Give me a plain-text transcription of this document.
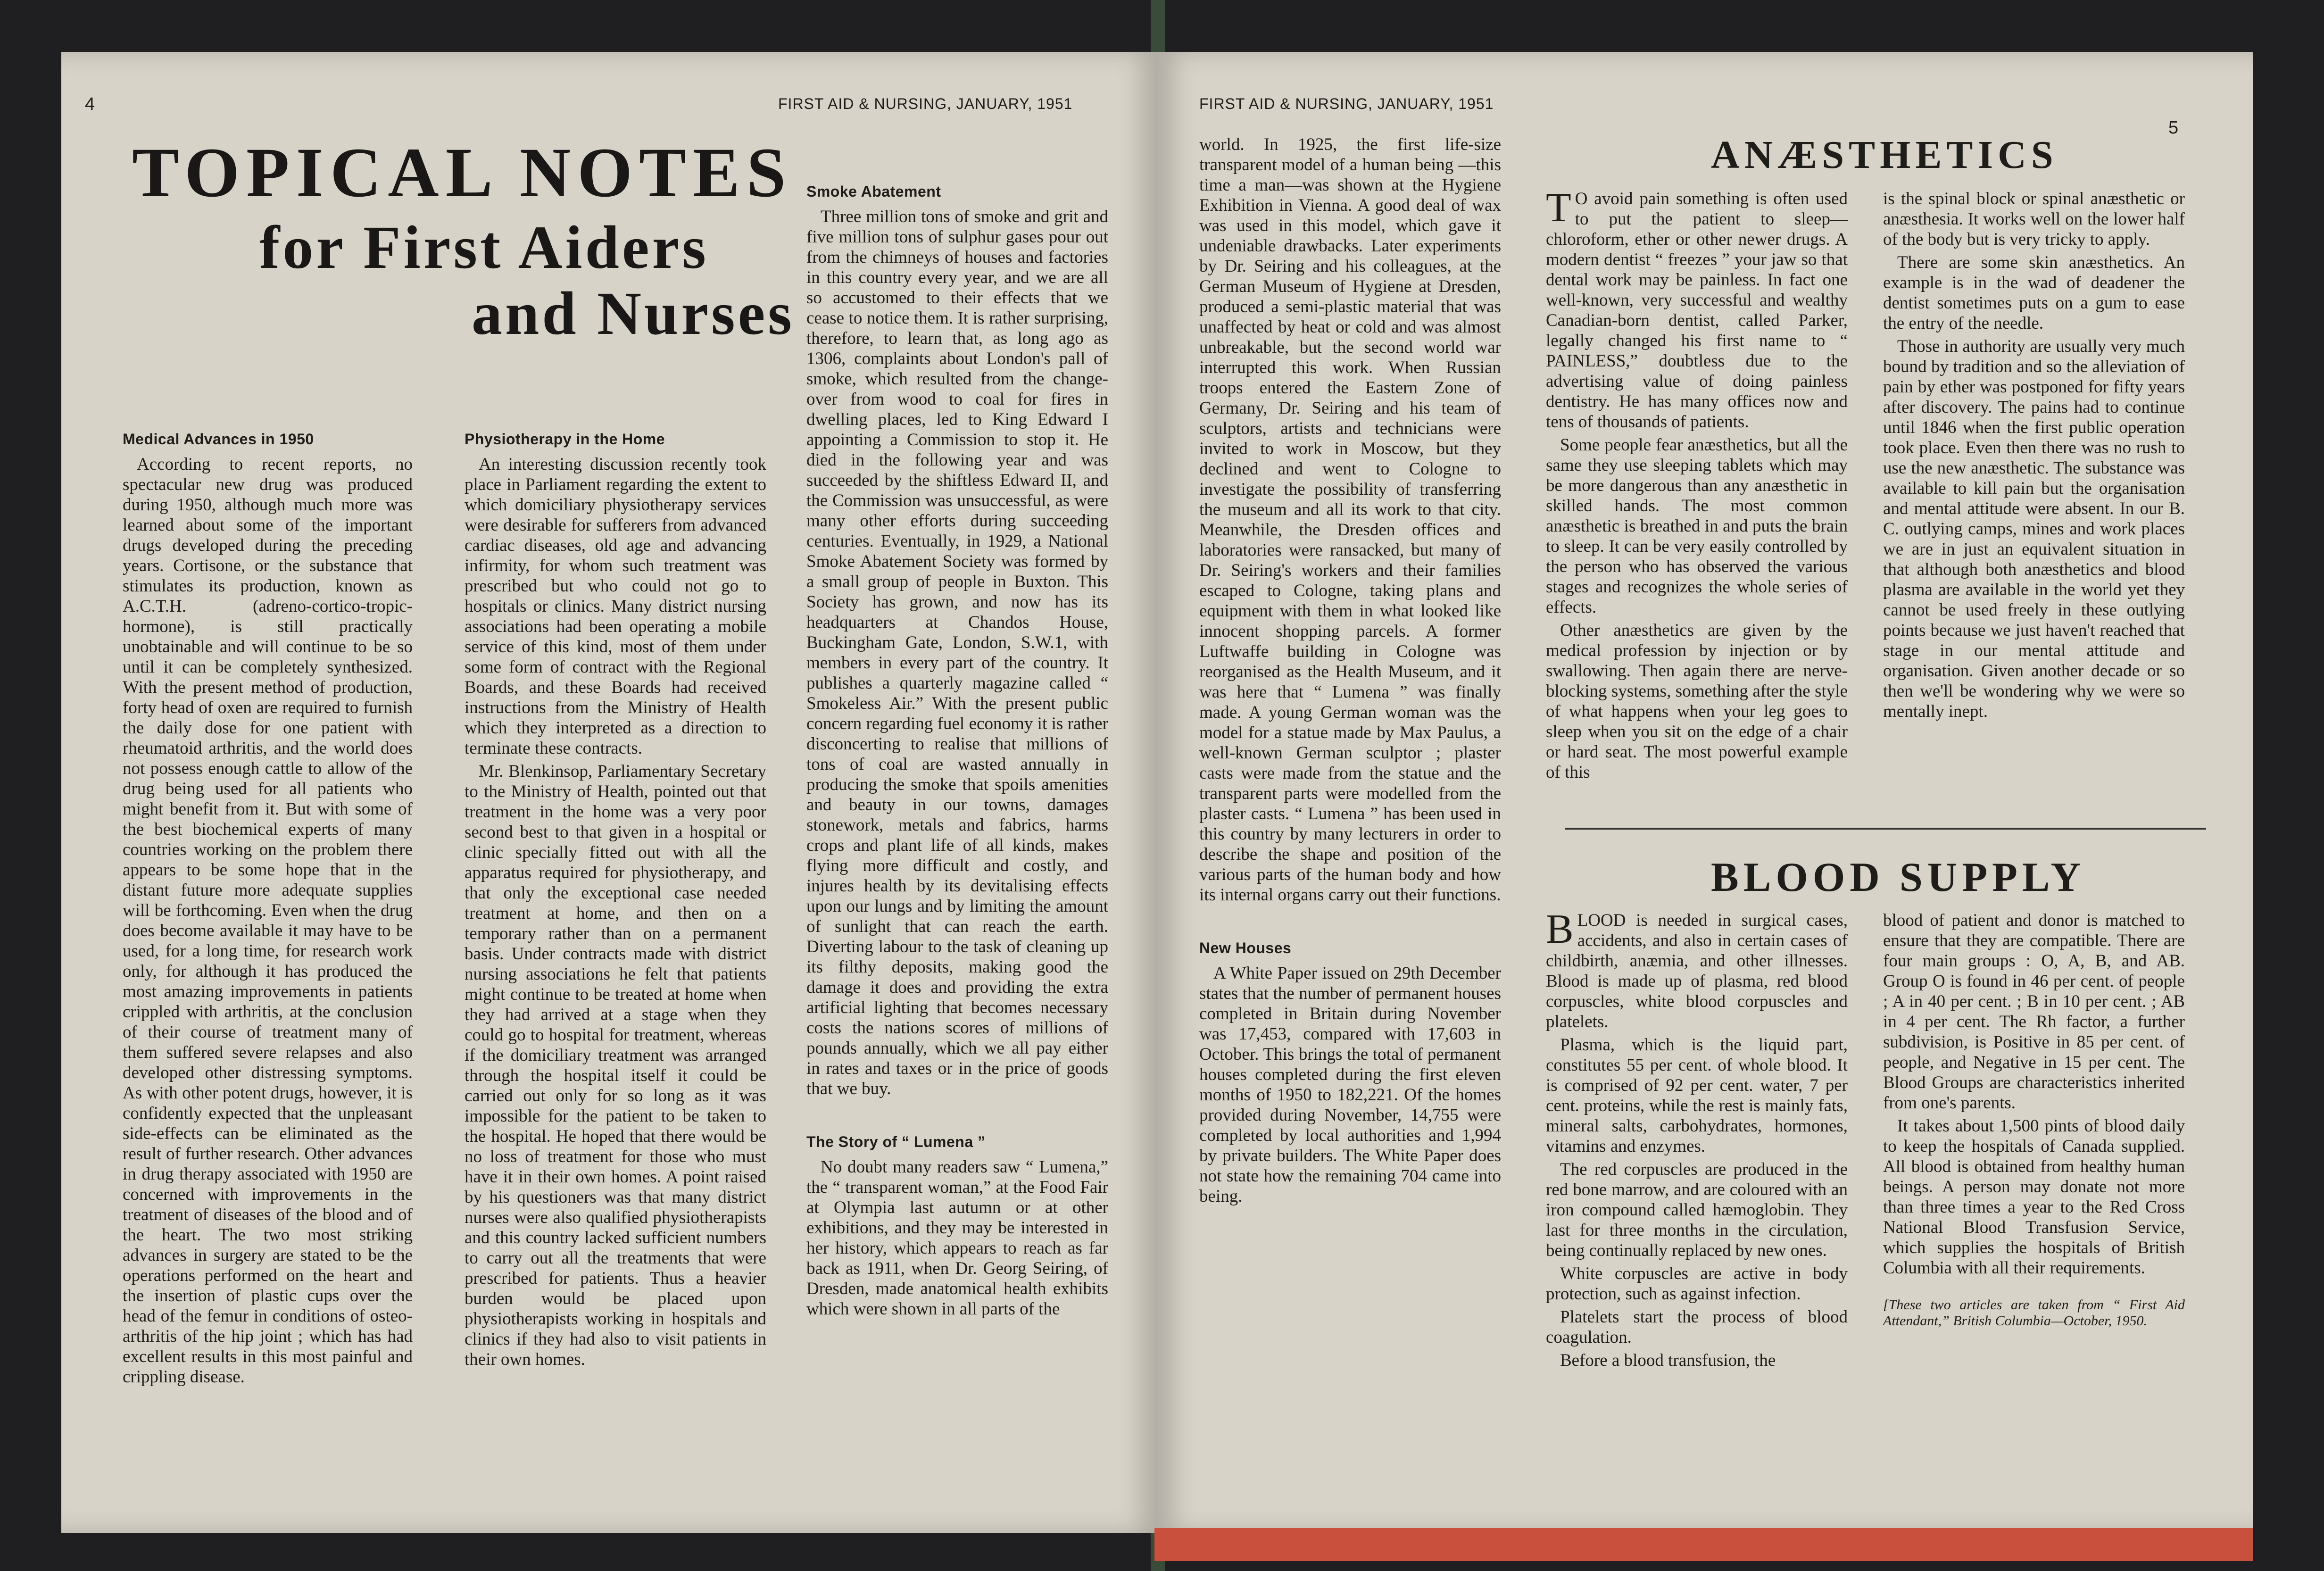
4	FIRST AID & NURSING, JANUARY, 1951
TOPICAL NOTES
for First Aiders
and Nurses
Medical Advances in 1950

According to recent reports, no spectacular new drug was produced during 1950, although much more was learned about some of the important drugs developed during the preceding years. Cortisone, or the substance that stimulates its production, known as A.C.T.H. (adreno-cortico-tropic-hormone), is still practically unobtainable and will continue to be so until it can be completely synthesized. With the present method of production, forty head of oxen are required to furnish the daily dose for one patient with rheumatoid arthritis, and the world does not possess enough cattle to allow of the drug being used for all patients who might benefit from it. But with some of the best biochemical experts of many countries working on the problem there appears to be some hope that in the distant future more adequate supplies will be forthcoming. Even when the drug does become available it may have to be used, for a long time, for research work only, for although it has produced the most amazing improvements in patients crippled with arthritis, at the conclusion of their course of treatment many of them suffered severe relapses and also developed other distressing symptoms. As with other potent drugs, however, it is confidently expected that the unpleasant side-effects can be eliminated as the result of further research. Other advances in drug therapy associated with 1950 are concerned with improvements in the treatment of diseases of the blood and of the heart. The two most striking advances in surgery are stated to be the operations performed on the heart and the insertion of plastic cups over the head of the femur in conditions of osteo-arthritis of the hip joint ; which has had excellent results in this most painful and crippling disease.

Physiotherapy in the Home

An interesting discussion recently took place in Parliament regarding the extent to which domiciliary physiotherapy services were desirable for sufferers from advanced cardiac diseases, old age and advancing infirmity, for whom such treatment was prescribed but who could not go to hospitals or clinics. Many district nursing associations had been operating a mobile service of this kind, most of them under some form of contract with the Regional Boards, and these Boards had received instructions from the Ministry of Health which they interpreted as a direction to terminate these contracts.

Mr. Blenkinsop, Parliamentary Secretary to the Ministry of Health, pointed out that treatment in the home was a very poor second best to that given in a hospital or clinic specially fitted out with all the apparatus required for physiotherapy, and that only the exceptional case needed treatment at home, and then on a temporary rather than on a permanent basis. Under contracts made with district nursing associations he felt that patients might continue to be treated at home when they had arrived at a stage when they could go to hospital for treatment, whereas if the domiciliary treatment was arranged through the hospital itself it could be carried out only for so long as it was impossible for the patient to be taken to the hospital. He hoped that there would be no loss of treatment for those who must have it in their own homes. A point raised by his questioners was that many district nurses were also qualified physiotherapists and this country lacked sufficient numbers to carry out all the treatments that were prescribed for patients. Thus a heavier burden would be placed upon physiotherapists working in hospitals and clinics if they had also to visit patients in their own homes.

Smoke Abatement

Three million tons of smoke and grit and five million tons of sulphur gases pour out from the chimneys of houses and factories in this country every year, and we are all so accustomed to their effects that we cease to notice them. It is rather surprising, therefore, to learn that, as long ago as 1306, complaints about London's pall of smoke, which resulted from the change-over from wood to coal for fires in dwelling places, led to King Edward I appointing a Commission to stop it. He died in the following year and was succeeded by the shiftless Edward II, and the Commission was unsuccessful, as were many other efforts during succeeding centuries. Eventually, in 1929, a National Smoke Abatement Society was formed by a small group of people in Buxton. This Society has grown, and now has its headquarters at Chandos House, Buckingham Gate, London, S.W.1, with members in every part of the country. It publishes a quarterly magazine called “ Smokeless Air.” With the present public concern regarding fuel economy it is rather disconcerting to realise that millions of tons of coal are wasted annually in producing the smoke that spoils amenities and beauty in our towns, damages stonework, metals and fabrics, harms crops and plant life of all kinds, makes flying more difficult and costly, and injures health by its devitalising effects upon our lungs and by limiting the amount of sunlight that can reach the earth. Diverting labour to the task of cleaning up its filthy deposits, making good the damage it does and providing the extra artificial lighting that becomes necessary costs the nations scores of millions of pounds annually, which we all pay either in rates and taxes or in the price of goods that we buy.

The Story of “ Lumena ”

No doubt many readers saw “ Lumena,” the “ transparent woman,” at the Food Fair at Olympia last autumn or at other exhibitions, and they may be interested in her history, which appears to reach as far back as 1911, when Dr. Georg Seiring, of Dresden, made anatomical health exhibits which were shown in all parts of the

FIRST AID & NURSING, JANUARY, 1951
5

world. In 1925, the first life-size transparent model of a human being —this time a man—was shown at the Hygiene Exhibition in Vienna. A good deal of wax was used in this model, which gave it undeniable drawbacks. Later experiments by Dr. Seiring and his colleagues, at the German Museum of Hygiene at Dresden, produced a semi-plastic material that was unaffected by heat or cold and was almost unbreakable, but the second world war interrupted this work. When Russian troops entered the Eastern Zone of Germany, Dr. Seiring and his team of sculptors, artists and technicians were invited to work in Moscow, but they declined and went to Cologne to investigate the possibility of transferring the museum and all its work to that city. Meanwhile, the Dresden offices and laboratories were ransacked, but many of Dr. Seiring's workers and their families escaped to Cologne, taking plans and equipment with them in what looked like innocent shopping parcels. A former Luftwaffe building in Cologne was reorganised as the Health Museum, and it was here that “ Lumena ” was finally made. A young German woman was the model for a statue made by Max Paulus, a well-known German sculptor ; plaster casts were made from the statue and the transparent parts were modelled from the plaster casts. “ Lumena ” has been used in this country by many lecturers in order to describe the shape and position of the various parts of the human body and how its internal organs carry out their functions.

New Houses

A White Paper issued on 29th December states that the number of permanent houses completed in Britain during November was 17,453, compared with 17,603 in October. This brings the total of permanent houses completed during the first eleven months of 1950 to 182,221. Of the homes provided during November, 14,755 were completed by local authorities and 1,994 by private builders. The White Paper does not state how the remaining 704 came into being.

ANÆSTHETICS

T O avoid pain something is often used to put the patient to sleep—chloroform, ether or other newer drugs. A modern dentist “ freezes ” your jaw so that dental work may be painless. In fact one well-known, very successful and wealthy Canadian-born dentist, called Parker, legally changed his first name to “ PAINLESS,” doubtless due to the advertising value of doing painless dentistry. He has many offices now and tens of thousands of patients.

Some people fear anæsthetics, but all the same they use sleeping tablets which may be more dangerous than any anæsthetic in skilled hands. The most common anæsthetic is breathed in and puts the brain to sleep. It can be very easily controlled by the person who has observed the various stages and recognizes the whole series of effects.

Other anæsthetics are given by the medical profession by injection or by swallowing. Then again there are nerve-blocking systems, something after the style of what happens when your leg goes to sleep when you sit on the edge of a chair or hard seat. The most powerful example of this

is the spinal block or spinal anæsthetic or anæsthesia. It works well on the lower half of the body but is very tricky to apply.

There are some skin anæsthetics. An example is in the wad of deadener the dentist sometimes puts on a gum to ease the entry of the needle.

Those in authority are usually very much bound by tradition and so the alleviation of pain by ether was postponed for fifty years after discovery. The pains had to continue until 1846 when the first public operation took place. Even then there was no rush to use the new anæsthetic. The substance was available to kill pain but the organisation and mental attitude were absent. In our B. C. outlying camps, mines and work places we are in just an equivalent situation in that although both anæsthetics and blood plasma are available in the world yet they cannot be used freely in these outlying points because we just haven't reached that stage in our mental attitude and organisation. Given another decade or so then we'll be wondering why we were so mentally inept.

BLOOD SUPPLY

BLOOD is needed in surgical cases, accidents, and also in certain cases of childbirth, anæmia, and other illnesses. Blood is made up of plasma, red blood corpuscles, white blood corpuscles and platelets.

Plasma, which is the liquid part, constitutes 55 per cent. of whole blood. It is comprised of 92 per cent. water, 7 per cent. proteins, while the rest is mainly fats, mineral salts, carbohydrates, hormones, vitamins and enzymes.

The red corpuscles are produced in the red bone marrow, and are coloured with an iron compound called hæmoglobin. They last for three months in the circulation, being continually replaced by new ones.

White corpuscles are active in body protection, such as against infection.

Platelets start the process of blood coagulation.

Before a blood transfusion, the

blood of patient and donor is matched to ensure that they are compatible. There are four main groups : O, A, B, and AB. Group O is found in 46 per cent. of people ; A in 40 per cent. ; B in 10 per cent. ; AB in 4 per cent. The Rh factor, a further subdivision, is Positive in 85 per cent. of people, and Negative in 15 per cent. The Blood Groups are characteristics inherited from one's parents.

It takes about 1,500 pints of blood daily to keep the hospitals of Canada supplied. All blood is obtained from healthy human beings. A person may donate not more than three times a year to the Red Cross National Blood Transfusion Service, which supplies the hospitals of British Columbia with all their requirements.

[These two articles are taken from “ First Aid Attendant,” British Columbia—October, 1950.
